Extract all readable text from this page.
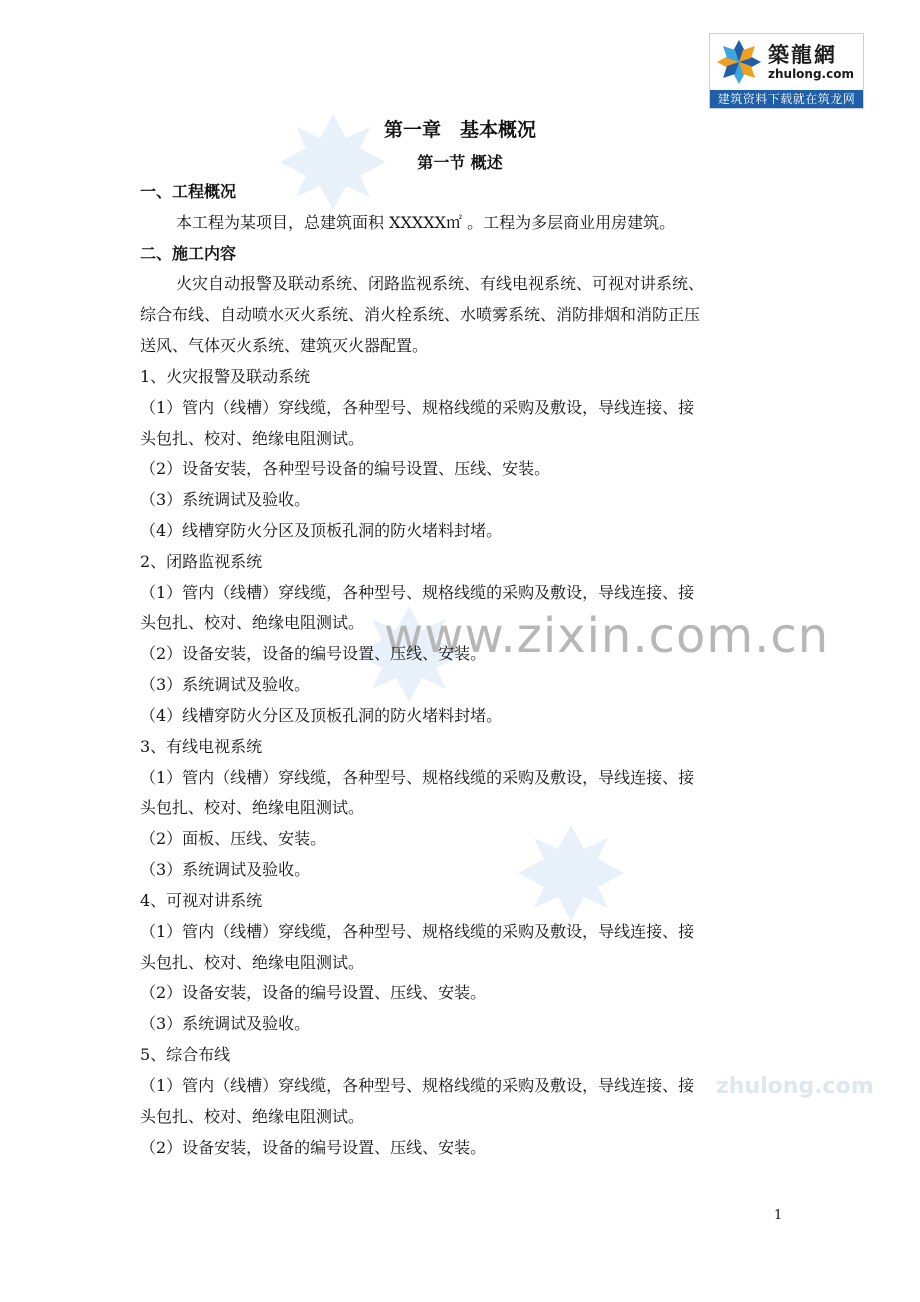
www.zixin.com.cn
zhulong.com
築龍網
zhulong.com
建筑资料下载就在筑龙网
第一章　基本概况
第一节 概述
一、工程概况
本工程为某项目，总建筑面积 XXXXX㎡ 。工程为多层商业用房建筑。
二、施工内容
火灾自动报警及联动系统、闭路监视系统、有线电视系统、可视对讲系统、
综合布线、自动喷水灭火系统、消火栓系统、水喷雾系统、消防排烟和消防正压
送风、气体灭火系统、建筑灭火器配置。
1、火灾报警及联动系统
（1）管内（线槽）穿线缆，各种型号、规格线缆的采购及敷设，导线连接、接
头包扎、校对、绝缘电阻测试。
（2）设备安装，各种型号设备的编号设置、压线、安装。
（3）系统调试及验收。
（4）线槽穿防火分区及顶板孔洞的防火堵料封堵。
2、闭路监视系统
（1）管内（线槽）穿线缆，各种型号、规格线缆的采购及敷设，导线连接、接
头包扎、校对、绝缘电阻测试。
（2）设备安装，设备的编号设置、压线、安装。
（3）系统调试及验收。
（4）线槽穿防火分区及顶板孔洞的防火堵料封堵。
3、有线电视系统
（1）管内（线槽）穿线缆，各种型号、规格线缆的采购及敷设，导线连接、接
头包扎、校对、绝缘电阻测试。
（2）面板、压线、安装。
（3）系统调试及验收。
4、可视对讲系统
（1）管内（线槽）穿线缆，各种型号、规格线缆的采购及敷设，导线连接、接
头包扎、校对、绝缘电阻测试。
（2）设备安装，设备的编号设置、压线、安装。
（3）系统调试及验收。
5、综合布线
（1）管内（线槽）穿线缆，各种型号、规格线缆的采购及敷设，导线连接、接
头包扎、校对、绝缘电阻测试。
（2）设备安装，设备的编号设置、压线、安装。
1
